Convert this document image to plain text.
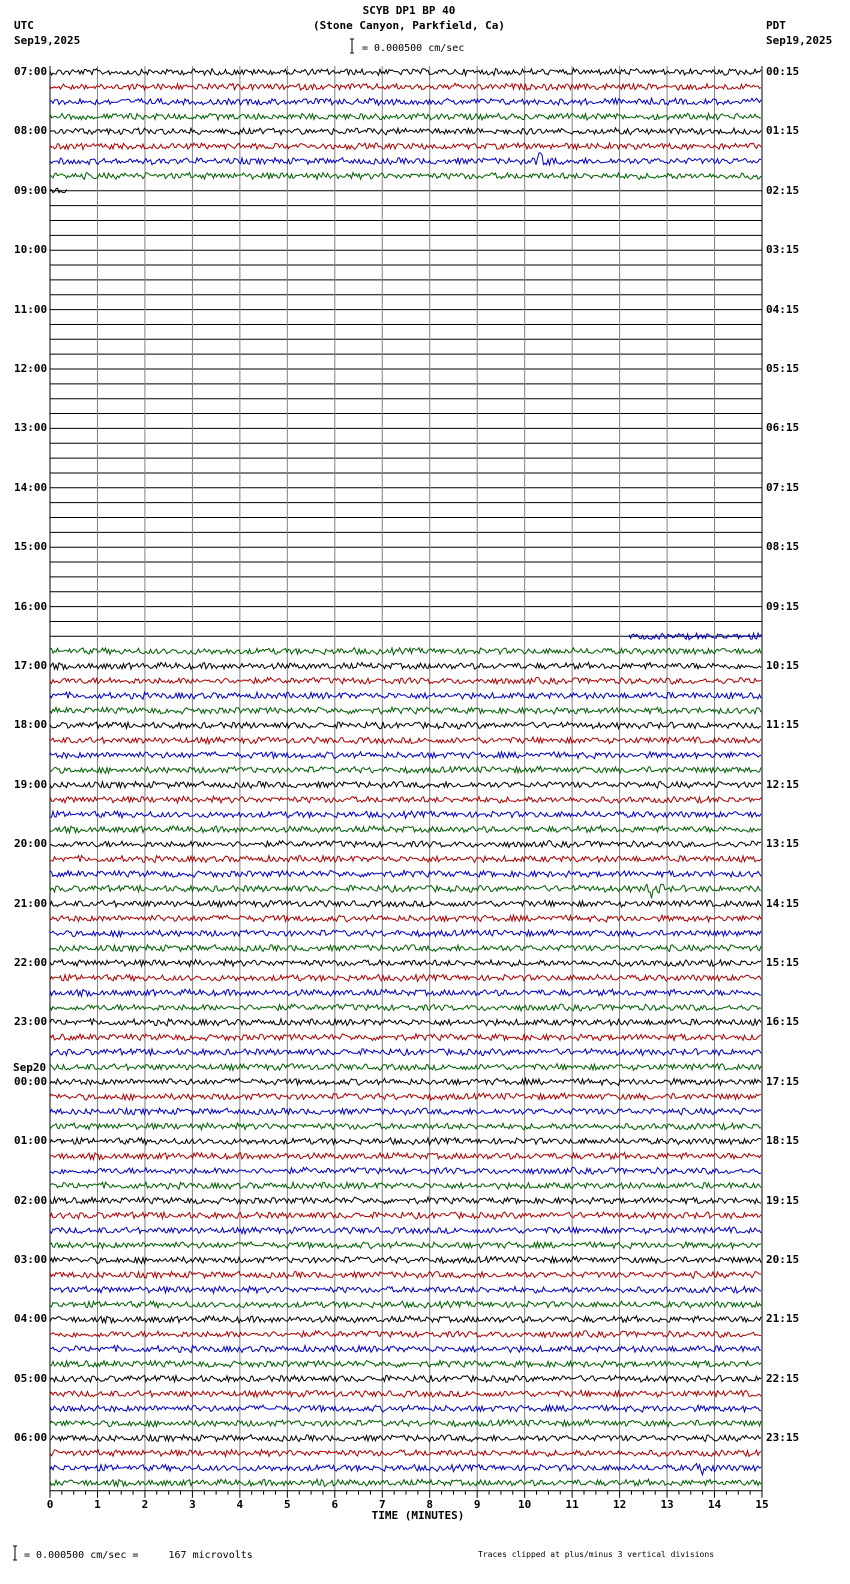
0	1	2	3	4	5	6	7	8	9	10	11	12	13	14	15
SCYB DP1 BP 40
(Stone Canyon, Parkfield, Ca)
UTC
Sep19,2025
PDT
Sep19,2025
= 0.000500 cm/sec
TIME (MINUTES)
= 0.000500 cm/sec =     167 microvolts	Traces clipped at plus/minus 3 vertical divisions
Sep20
07:00
08:00
09:00
10:00
11:00
12:00
13:00
14:00
15:00
16:00
17:00
18:00
19:00
20:00
21:00
22:00
23:00
00:00
01:00
02:00
03:00
04:00
05:00
06:00
00:15
01:15
02:15
03:15
04:15
05:15
06:15
07:15
08:15
09:15
10:15
11:15
12:15
13:15
14:15
15:15
16:15
17:15
18:15
19:15
20:15
21:15
22:15
23:15
